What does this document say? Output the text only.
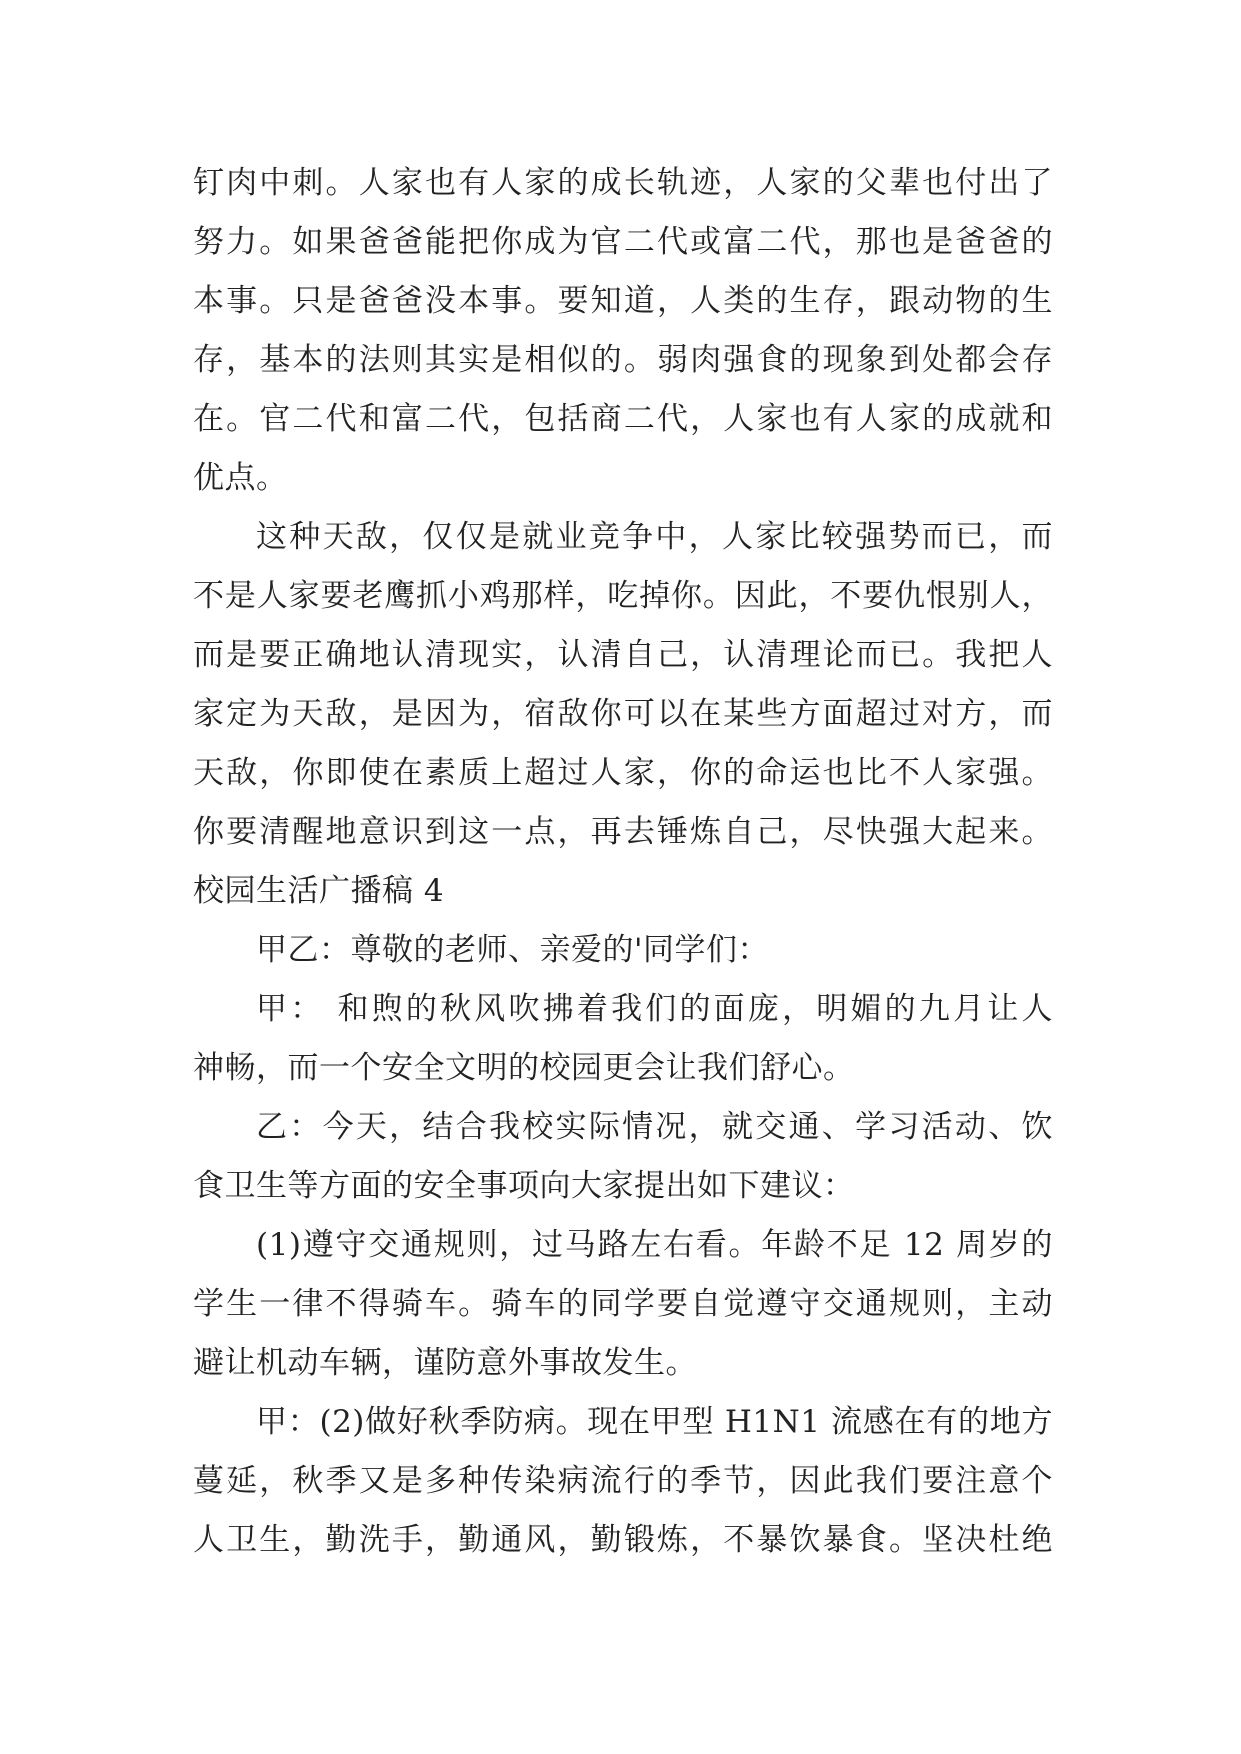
钉肉中刺。人家也有人家的成长轨迹，人家的父辈也付出了
努力。如果爸爸能把你成为官二代或富二代，那也是爸爸的
本事。只是爸爸没本事。要知道，人类的生存，跟动物的生
存，基本的法则其实是相似的。弱肉强食的现象到处都会存
在。官二代和富二代，包括商二代，人家也有人家的成就和
优点。
这种天敌，仅仅是就业竞争中，人家比较强势而已，而
不是人家要老鹰抓小鸡那样，吃掉你。因此，不要仇恨别人，
而是要正确地认清现实，认清自己，认清理论而已。我把人
家定为天敌，是因为，宿敌你可以在某些方面超过对方，而
天敌，你即使在素质上超过人家，你的命运也比不人家强。
你要清醒地意识到这一点，再去锤炼自己，尽快强大起来。
校园生活广播稿 4
甲乙：尊敬的老师、亲爱的'同学们：
甲： 和煦的秋风吹拂着我们的面庞，明媚的九月让人
神畅，而一个安全文明的校园更会让我们舒心。
乙：今天，结合我校实际情况，就交通、学习活动、饮
食卫生等方面的安全事项向大家提出如下建议：
(1)遵守交通规则，过马路左右看。年龄不足 12 周岁的
学生一律不得骑车。骑车的同学要自觉遵守交通规则，主动
避让机动车辆，谨防意外事故发生。
甲：(2)做好秋季防病。现在甲型 H1N1 流感在有的地方
蔓延，秋季又是多种传染病流行的季节，因此我们要注意个
人卫生，勤洗手，勤通风，勤锻炼，不暴饮暴食。坚决杜绝
